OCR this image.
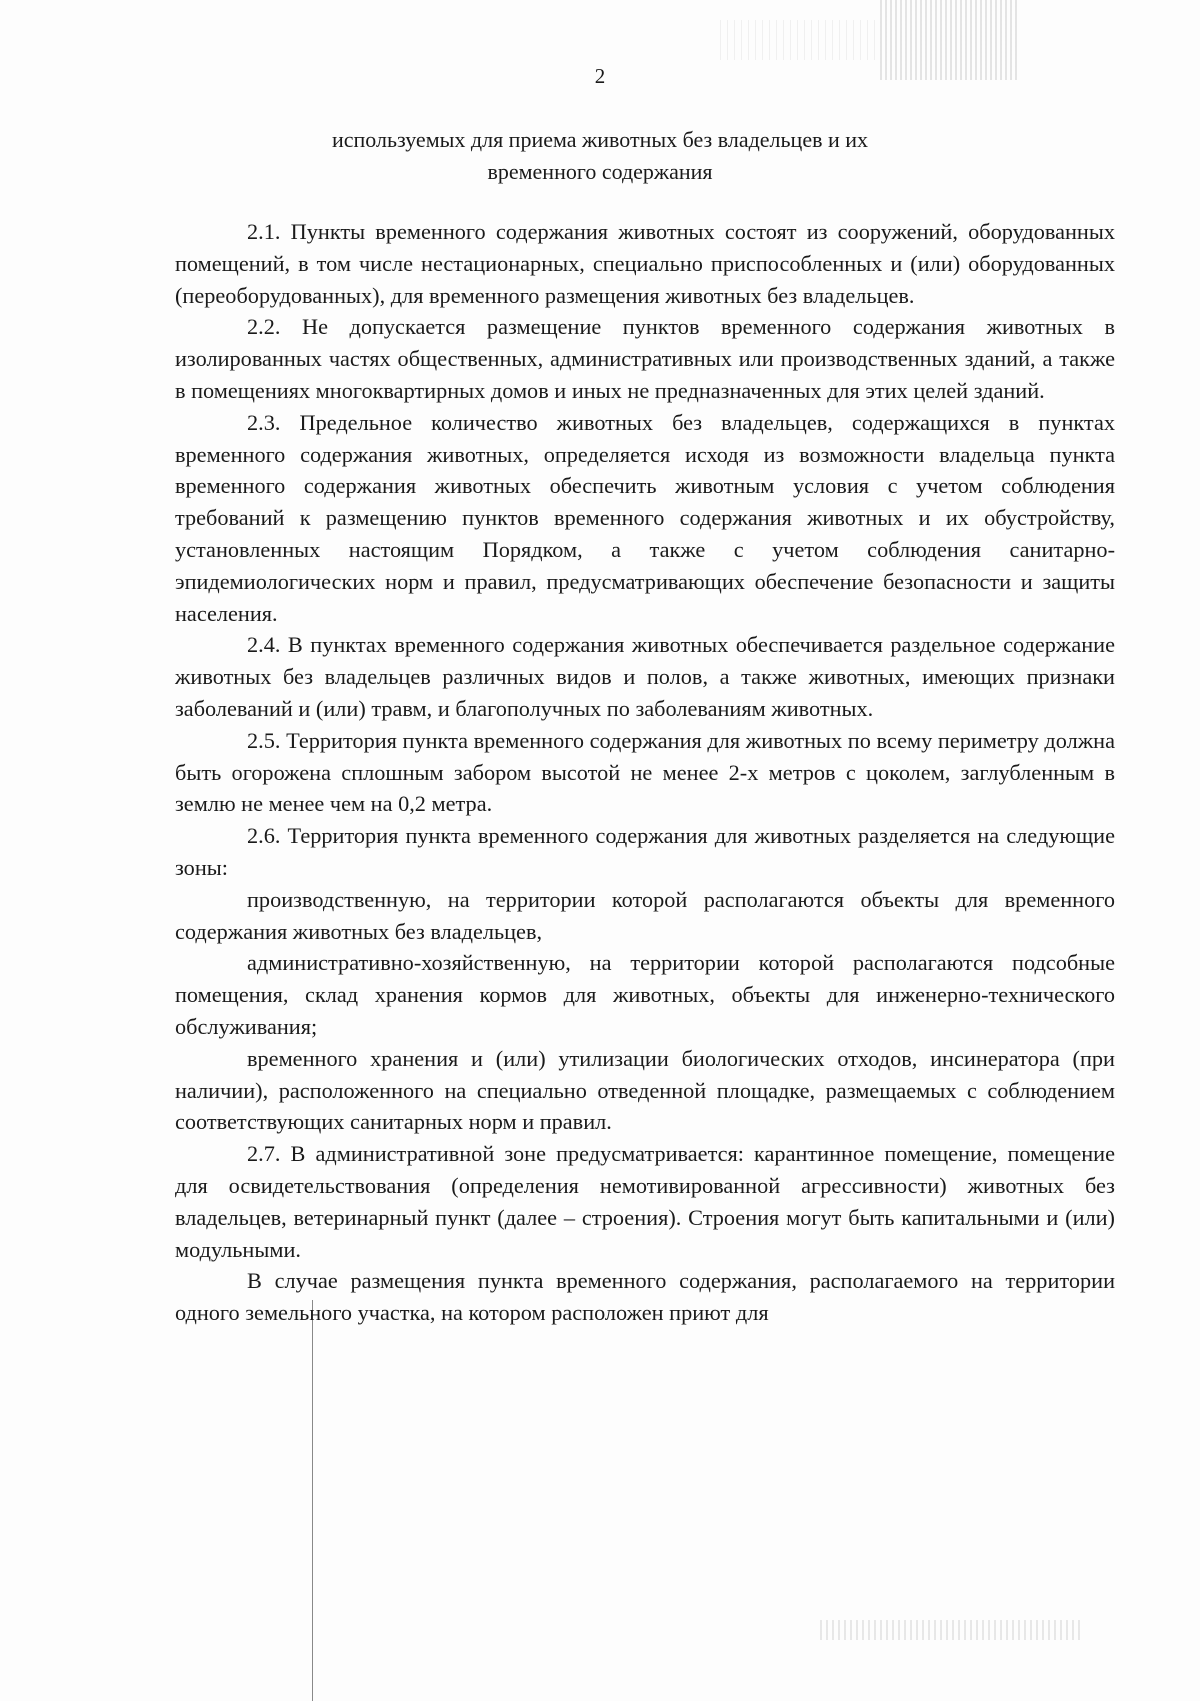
2
используемых для приема животных без владельцев и их
временного содержания

2.1. Пункты временного содержания животных состоят из сооружений, оборудованных помещений, в том числе нестационарных, специально приспособленных и (или) оборудованных (переоборудованных), для временного размещения животных без владельцев.

2.2. Не допускается размещение пунктов временного содержания животных в изолированных частях общественных, административных или производственных зданий, а также в помещениях многоквартирных домов и иных не предназначенных для этих целей зданий.

2.3. Предельное количество животных без владельцев, содержащихся в пунктах временного содержания животных, определяется исходя из возможности владельца пункта временного содержания животных обеспечить животным условия с учетом соблюдения требований к размещению пунктов временного содержания животных и их обустройству, установленных настоящим Порядком, а также с учетом соблюдения санитарно-эпидемиологических норм и правил, предусматривающих обеспечение безопасности и защиты населения.

2.4. В пунктах временного содержания животных обеспечивается раздельное содержание животных без владельцев различных видов и полов, а также животных, имеющих признаки заболеваний и (или) травм, и благополучных по заболеваниям животных.

2.5. Территория пункта временного содержания для животных по всему периметру должна быть огорожена сплошным забором высотой не менее 2-х метров с цоколем, заглубленным в землю не менее чем на 0,2 метра.

2.6. Территория пункта временного содержания для животных разделяется на следующие зоны:

производственную, на территории которой располагаются объекты для временного содержания животных без владельцев,

административно-хозяйственную, на территории которой располагаются подсобные помещения, склад хранения кормов для животных, объекты для инженерно-технического обслуживания;

временного хранения и (или) утилизации биологических отходов, инсинератора (при наличии), расположенного на специально отведенной площадке, размещаемых с соблюдением соответствующих санитарных норм и правил.

2.7. В административной зоне предусматривается: карантинное помещение, помещение для освидетельствования (определения немотивированной агрессивности) животных без владельцев, ветеринарный пункт (далее – строения). Строения могут быть капитальными и (или) модульными.

В случае размещения пункта временного содержания, располагаемого на территории одного земельного участка, на котором расположен приют для
